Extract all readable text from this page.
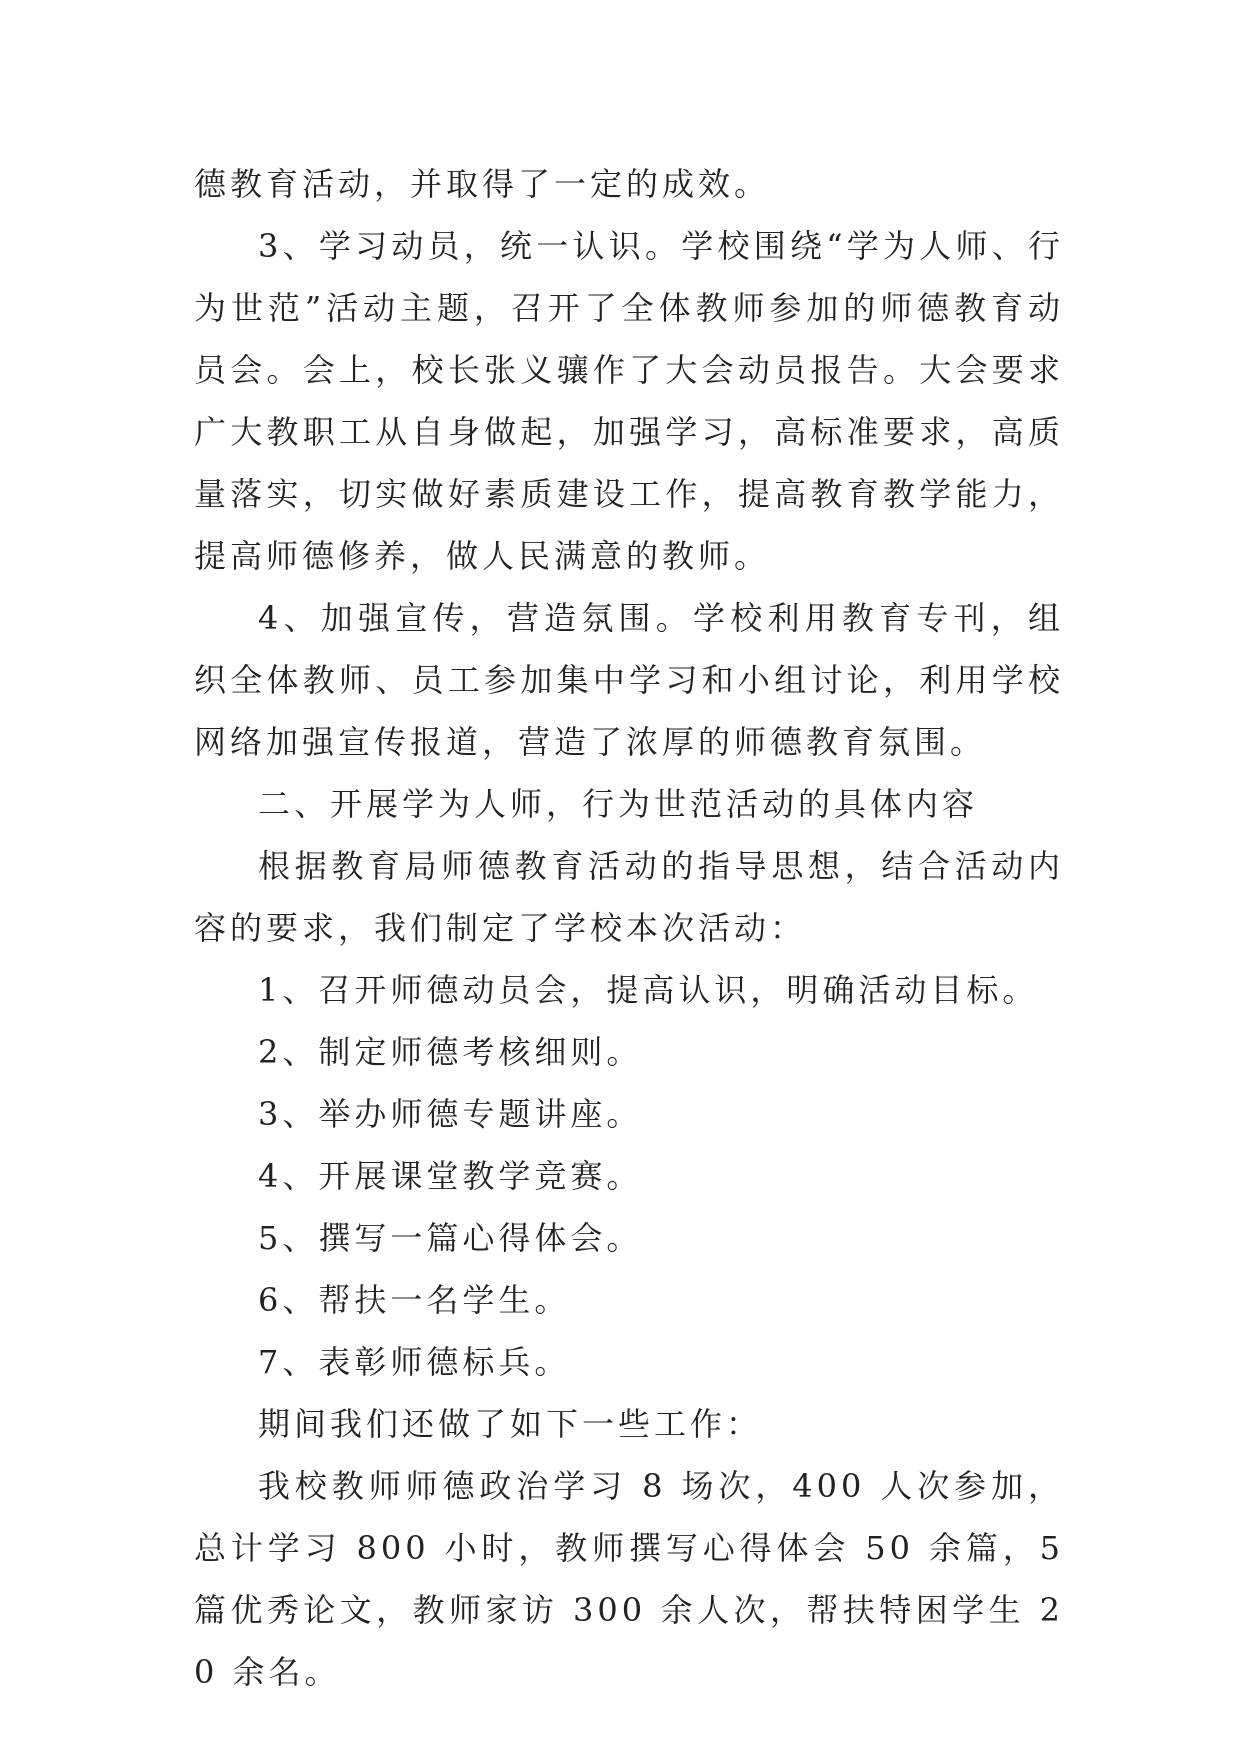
德教育活动，并取得了一定的成效。

3、学习动员，统一认识。学校围绕“学为人师、行为世范”活动主题，召开了全体教师参加的师德教育动员会。会上，校长张义骧作了大会动员报告。大会要求广大教职工从自身做起，加强学习，高标准要求，高质量落实，切实做好素质建设工作，提高教育教学能力，提高师德修养，做人民满意的教师。

4、加强宣传，营造氛围。学校利用教育专刊，组织全体教师、员工参加集中学习和小组讨论，利用学校网络加强宣传报道，营造了浓厚的师德教育氛围。

二、开展学为人师，行为世范活动的具体内容

根据教育局师德教育活动的指导思想，结合活动内容的要求，我们制定了学校本次活动：

1、召开师德动员会，提高认识，明确活动目标。

2、制定师德考核细则。

3、举办师德专题讲座。

4、开展课堂教学竞赛。

5、撰写一篇心得体会。

6、帮扶一名学生。

7、表彰师德标兵。

期间我们还做了如下一些工作：

我校教师师德政治学习 8 场次，400 人次参加，总计学习 800 小时，教师撰写心得体会 50 余篇，5 篇优秀论文，教师家访 300 余人次，帮扶特困学生 20 余名。
